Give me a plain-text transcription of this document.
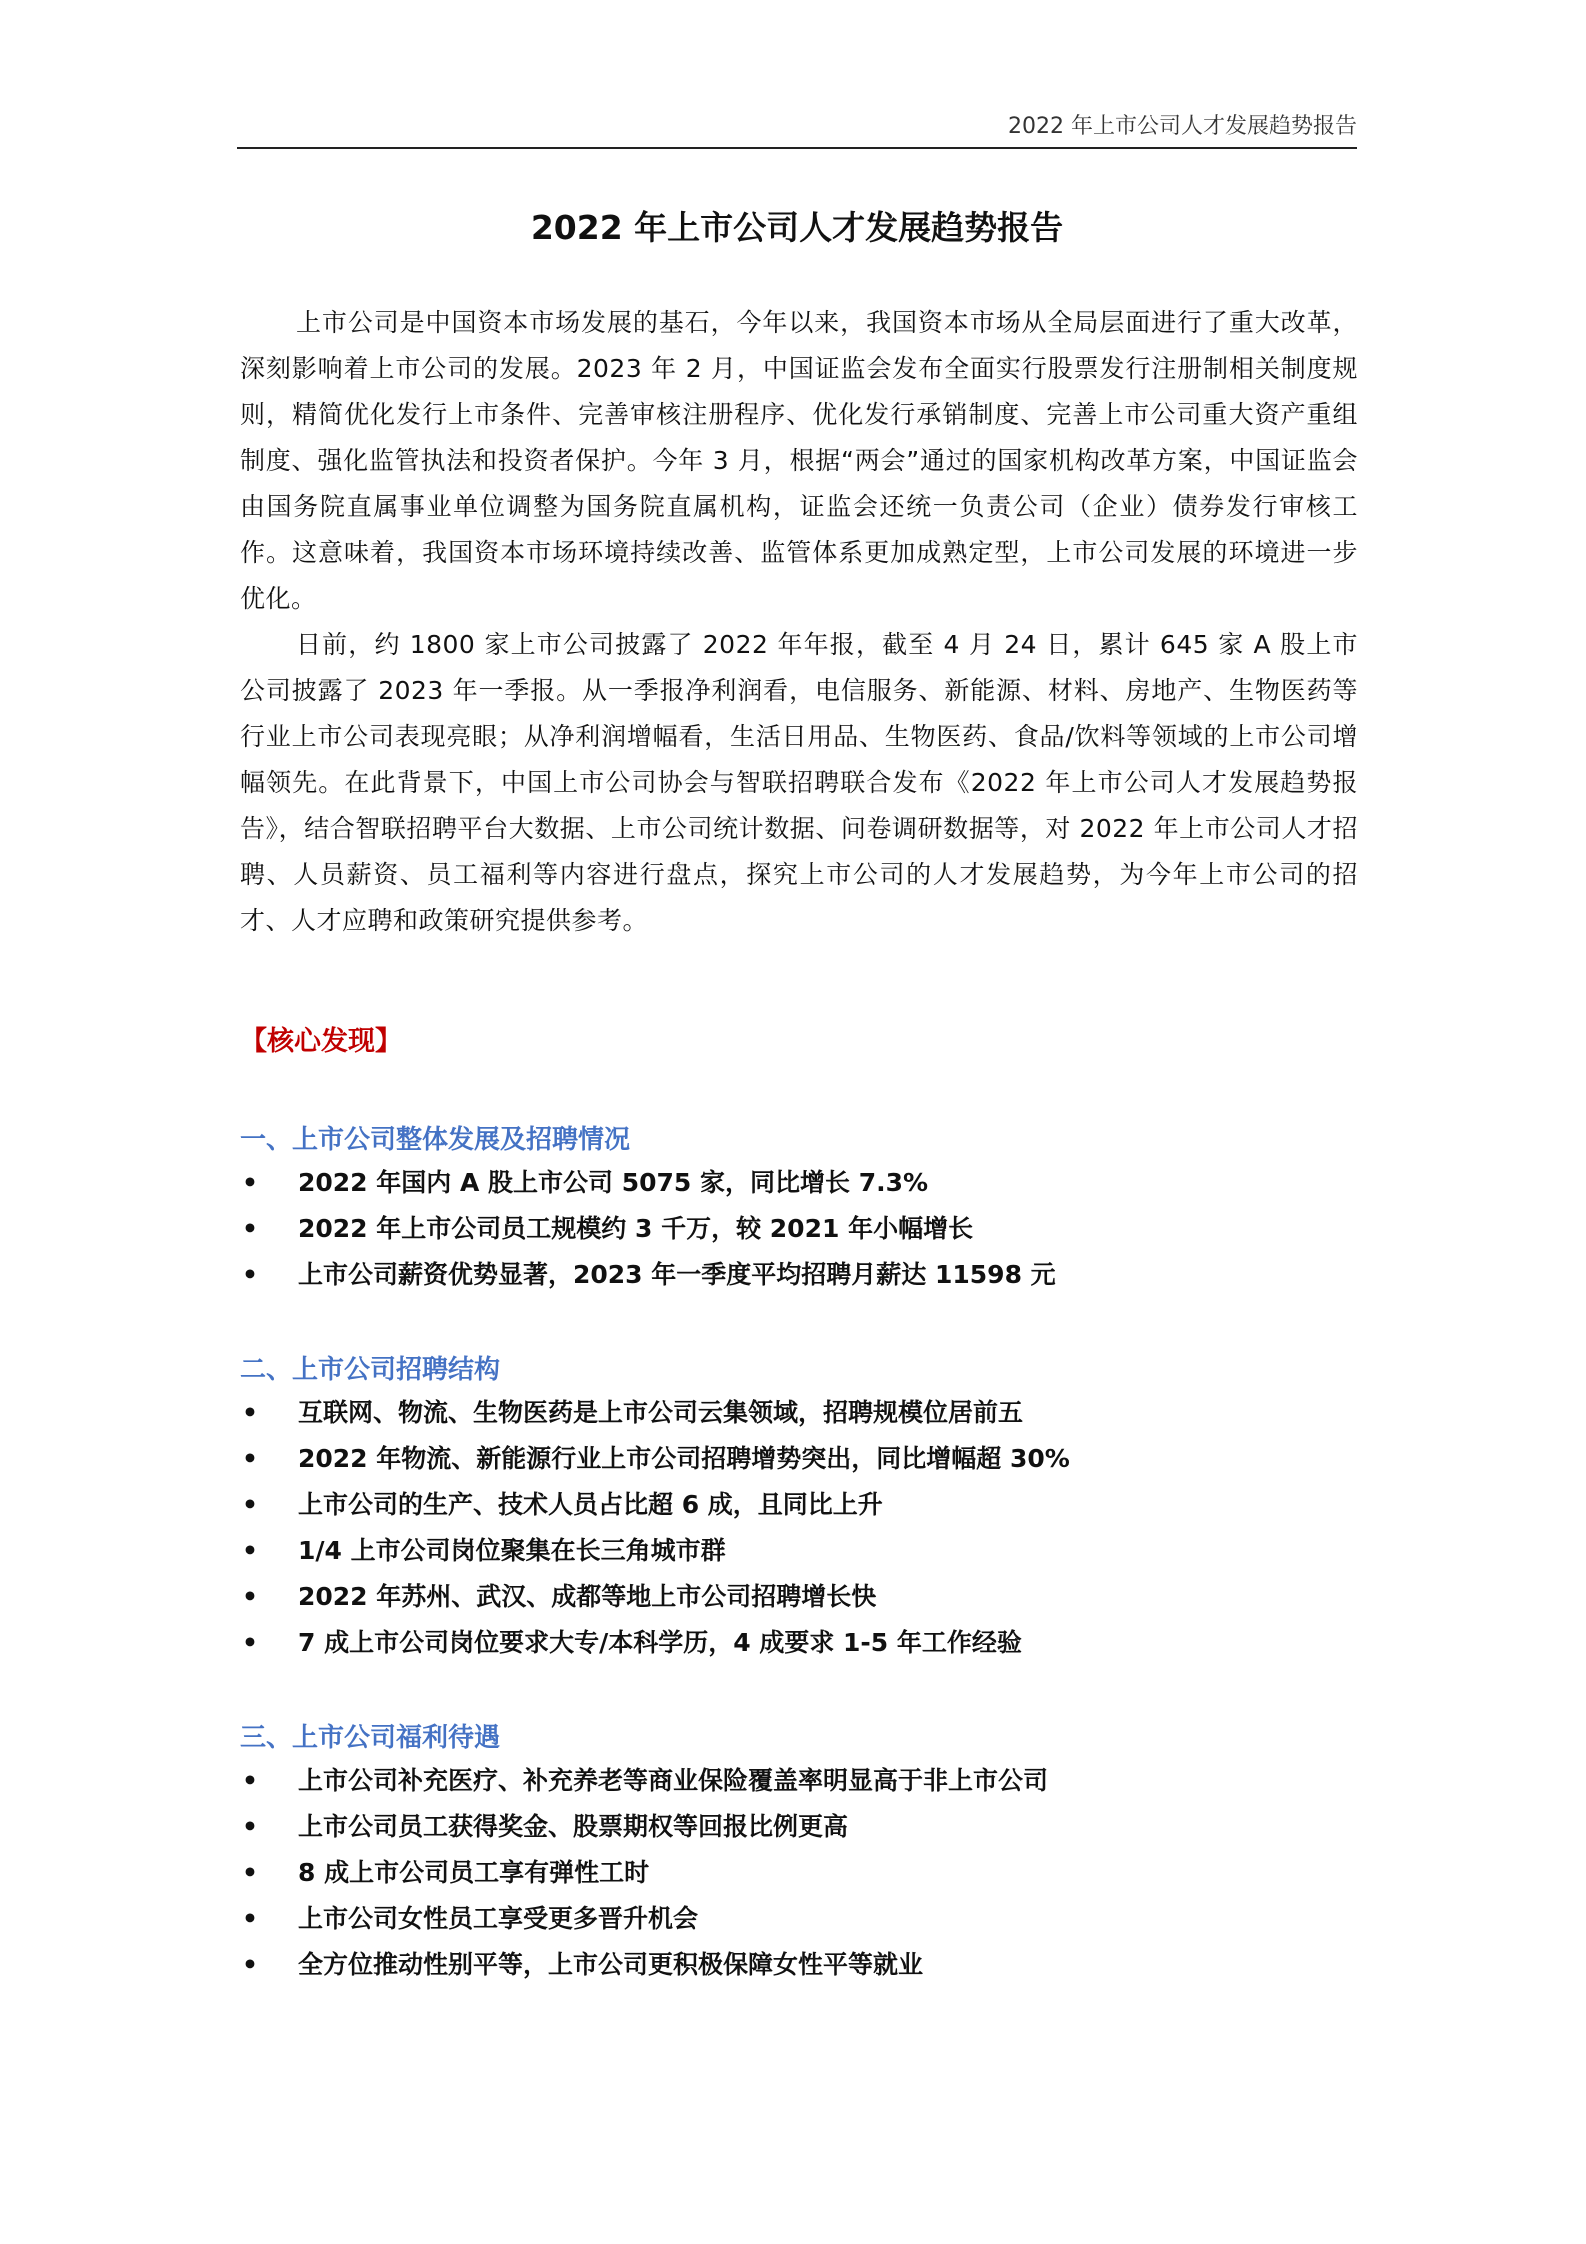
2022 年上市公司人才发展趋势报告
2022 年上市公司人才发展趋势报告

上市公司是中国资本市场发展的基石，今年以来，我国资本市场从全局层面进行了重大改革，深刻影响着上市公司的发展。2023 年 2 月，中国证监会发布全面实行股票发行注册制相关制度规则，精简优化发行上市条件、完善审核注册程序、优化发行承销制度、完善上市公司重大资产重组制度、强化监管执法和投资者保护。今年 3 月，根据“两会”通过的国家机构改革方案，中国证监会由国务院直属事业单位调整为国务院直属机构，证监会还统一负责公司（企业）债券发行审核工作。这意味着，我国资本市场环境持续改善、监管体系更加成熟定型，上市公司发展的环境进一步优化。

日前，约 1800 家上市公司披露了 2022 年年报，截至 4 月 24 日，累计 645 家 A 股上市公司披露了 2023 年一季报。从一季报净利润看，电信服务、新能源、材料、房地产、生物医药等行业上市公司表现亮眼；从净利润增幅看，生活日用品、生物医药、食品/饮料等领域的上市公司增幅领先。在此背景下，中国上市公司协会与智联招聘联合发布《2022 年上市公司人才发展趋势报告》，结合智联招聘平台大数据、上市公司统计数据、问卷调研数据等，对 2022 年上市公司人才招聘、人员薪资、员工福利等内容进行盘点，探究上市公司的人才发展趋势，为今年上市公司的招才、人才应聘和政策研究提供参考。

【核心发现】
一、上市公司整体发展及招聘情况
• 2022 年国内 A 股上市公司 5075 家，同比增长 7.3%
• 2022 年上市公司员工规模约 3 千万，较 2021 年小幅增长
• 上市公司薪资优势显著，2023 年一季度平均招聘月薪达 11598 元
二、上市公司招聘结构
• 互联网、物流、生物医药是上市公司云集领域，招聘规模位居前五
• 2022 年物流、新能源行业上市公司招聘增势突出，同比增幅超 30%
• 上市公司的生产、技术人员占比超 6 成，且同比上升
• 1/4 上市公司岗位聚集在长三角城市群
• 2022 年苏州、武汉、成都等地上市公司招聘增长快
• 7 成上市公司岗位要求大专/本科学历，4 成要求 1-5 年工作经验
三、上市公司福利待遇
• 上市公司补充医疗、补充养老等商业保险覆盖率明显高于非上市公司
• 上市公司员工获得奖金、股票期权等回报比例更高
• 8 成上市公司员工享有弹性工时
• 上市公司女性员工享受更多晋升机会
• 全方位推动性别平等，上市公司更积极保障女性平等就业
